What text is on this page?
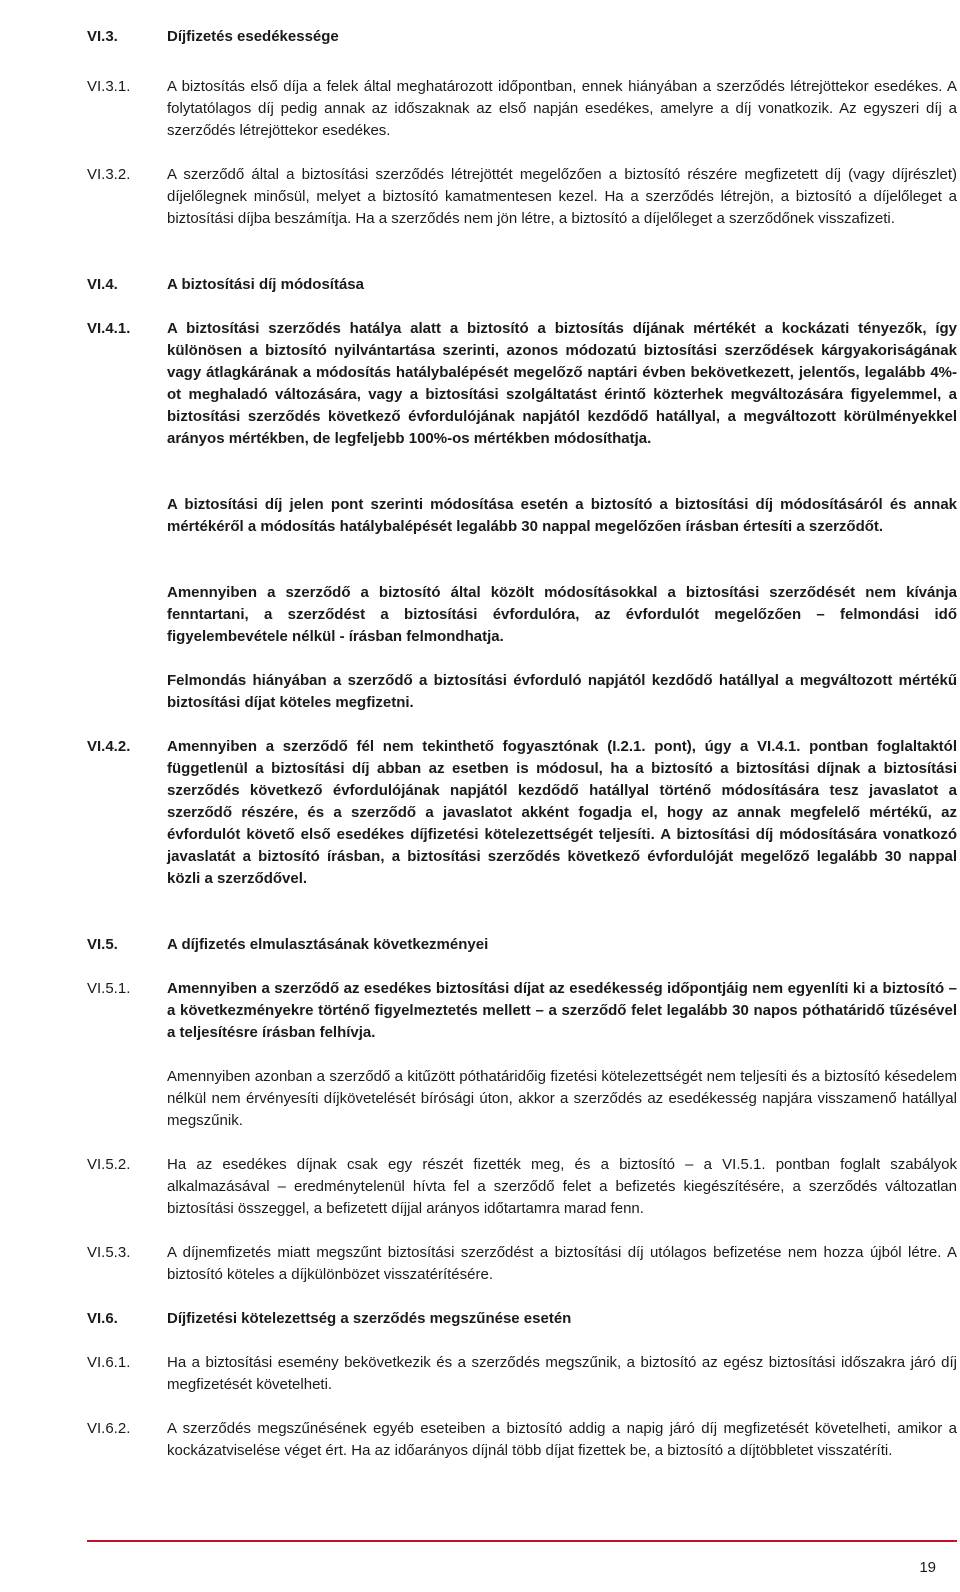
VI.3.	Díjfizetés esedékessége
VI.3.1.	A biztosítás első díja a felek által meghatározott időpontban, ennek hiányában a szerződés létrejöttekor esedékes. A folytatólagos díj pedig annak az időszaknak az első napján esedékes, amelyre a díj vonatkozik. Az egyszeri díj a szerződés létrejöttekor esedékes.
VI.3.2.	A szerződő által a biztosítási szerződés létrejöttét megelőzően a biztosító részére megfizetett díj (vagy díjrészlet) díjelőlegnek minősül, melyet a biztosító kamatmentesen kezel. Ha a szerződés létrejön, a biztosító a díjelőleget a biztosítási díjba beszámítja. Ha a szerződés nem jön létre, a biztosító a díjelőleget a szerződőnek visszafizeti.
VI.4.	A biztosítási díj módosítása
VI.4.1.	A biztosítási szerződés hatálya alatt a biztosító a biztosítás díjának mértékét a kockázati tényezők, így különösen a biztosító nyilvántartása szerinti, azonos módozatú biztosítási szerződések kárgyakoriságának vagy átlagkárának a módosítás hatálybalépését megelőző naptári évben bekövetkezett, jelentős, legalább 4%-ot meghaladó változására, vagy a biztosítási szolgáltatást érintő közterhek megváltozására figyelemmel, a biztosítási szerződés következő évfordulójának napjától kezdődő hatállyal, a megváltozott körülményekkel arányos mértékben, de legfeljebb 100%-os mértékben módosíthatja.
A biztosítási díj jelen pont szerinti módosítása esetén a biztosító a biztosítási díj módosításáról és annak mértékéről a módosítás hatálybalépését legalább 30 nappal megelőzően írásban értesíti a szerződőt.
Amennyiben a szerződő a biztosító által közölt módosításokkal a biztosítási szerződését nem kívánja fenntartani, a szerződést a biztosítási évfordulóra, az évfordulót megelőzően – felmondási idő figyelembevétele nélkül - írásban felmondhatja.
Felmondás hiányában a szerződő a biztosítási évforduló napjától kezdődő hatállyal a megváltozott mértékű biztosítási díjat köteles megfizetni.
VI.4.2.	Amennyiben a szerződő fél nem tekinthető fogyasztónak (I.2.1. pont), úgy a VI.4.1. pontban foglaltaktól függetlenül a biztosítási díj abban az esetben is módosul, ha a biztosító a biztosítási díjnak a biztosítási szerződés következő évfordulójának napjától kezdődő hatállyal történő módosítására tesz javaslatot a szerződő részére, és a szerződő a javaslatot akként fogadja el, hogy az annak megfelelő mértékű, az évfordulót követő első esedékes díjfizetési kötelezettségét teljesíti. A biztosítási díj módosítására vonatkozó javaslatát a biztosító írásban, a biztosítási szerződés következő évfordulóját megelőző legalább 30 nappal közli a szerződővel.
VI.5.	A díjfizetés elmulasztásának következményei
VI.5.1.	Amennyiben a szerződő az esedékes biztosítási díjat az esedékesség időpontjáig nem egyenlíti ki a biztosító – a következményekre történő figyelmeztetés mellett – a szerződő felet legalább 30 napos póthatáridő tűzésével a teljesítésre írásban felhívja.
Amennyiben azonban a szerződő a kitűzött póthatáridőig fizetési kötelezettségét nem teljesíti és a biztosító késedelem nélkül nem érvényesíti díjkövetelését bírósági úton, akkor a szerződés az esedékesség napjára visszamenő hatállyal megszűnik.
VI.5.2.	Ha az esedékes díjnak csak egy részét fizették meg, és a biztosító – a VI.5.1. pontban foglalt szabályok alkalmazásával – eredménytelenül hívta fel a szerződő felet a befizetés kiegészítésére, a szerződés változatlan biztosítási összeggel, a befizetett díjjal arányos időtartamra marad fenn.
VI.5.3.	A díjnemfizetés miatt megszűnt biztosítási szerződést a biztosítási díj utólagos befizetése nem hozza újból létre. A biztosító köteles a díjkülönbözet visszatérítésére.
VI.6.	Díjfizetési kötelezettség a szerződés megszűnése esetén
VI.6.1.	Ha a biztosítási esemény bekövetkezik és a szerződés megszűnik, a biztosító az egész biztosítási időszakra járó díj megfizetését követelheti.
VI.6.2.	A szerződés megszűnésének egyéb eseteiben a biztosító addig a napig járó díj megfizetését követelheti, amikor a kockázatviselése véget ért. Ha az időarányos díjnál több díjat fizettek be, a biztosító a díjtöbbletet visszatéríti.
19
